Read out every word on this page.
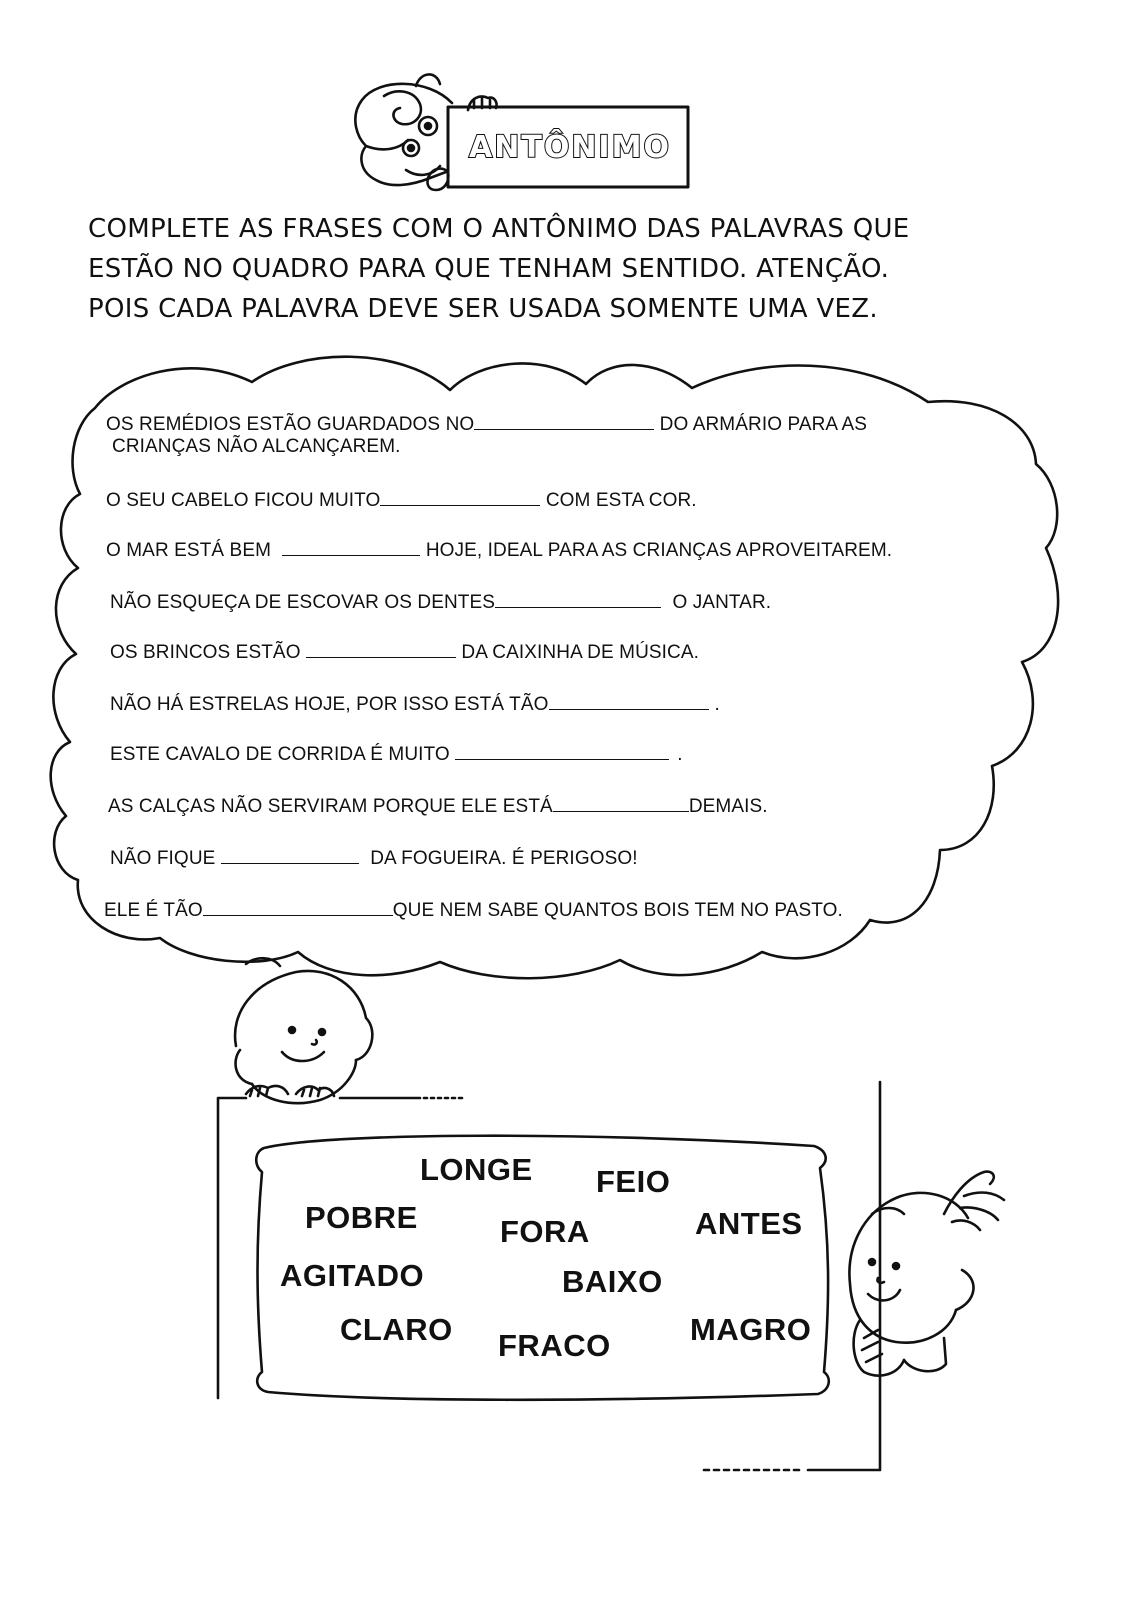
ANTÔNIMO
COMPLETE AS FRASES COM O ANTÔNIMO DAS PALAVRAS QUE
ESTÃO NO QUADRO PARA QUE TENHAM SENTIDO. ATENÇÃO.
POIS CADA PALAVRA DEVE SER USADA SOMENTE UMA VEZ.
OS REMÉDIOS ESTÃO GUARDADOS NO	DO ARMÁRIO PARA AS
CRIANÇAS NÃO ALCANÇAREM.
O SEU CABELO FICOU MUITO	COM ESTA COR.
O MAR ESTÁ BEM	HOJE, IDEAL PARA AS CRIANÇAS APROVEITAREM.
NÃO ESQUEÇA DE ESCOVAR OS DENTES	O JANTAR.
OS BRINCOS ESTÃO	DA CAIXINHA DE MÚSICA.
NÃO HÁ ESTRELAS HOJE, POR ISSO ESTÁ TÃO	.
ESTE CAVALO DE CORRIDA É MUITO	.
AS CALÇAS NÃO SERVIRAM PORQUE ELE ESTÁ	DEMAIS.
NÃO FIQUE	DA FOGUEIRA. É PERIGOSO!
ELE É TÃO	QUE NEM SABE QUANTOS BOIS TEM NO PASTO.
LONGE FEIO
POBRE	FORA	ANTES
AGITADO	BAIXO
CLARO FRACO	MAGRO
